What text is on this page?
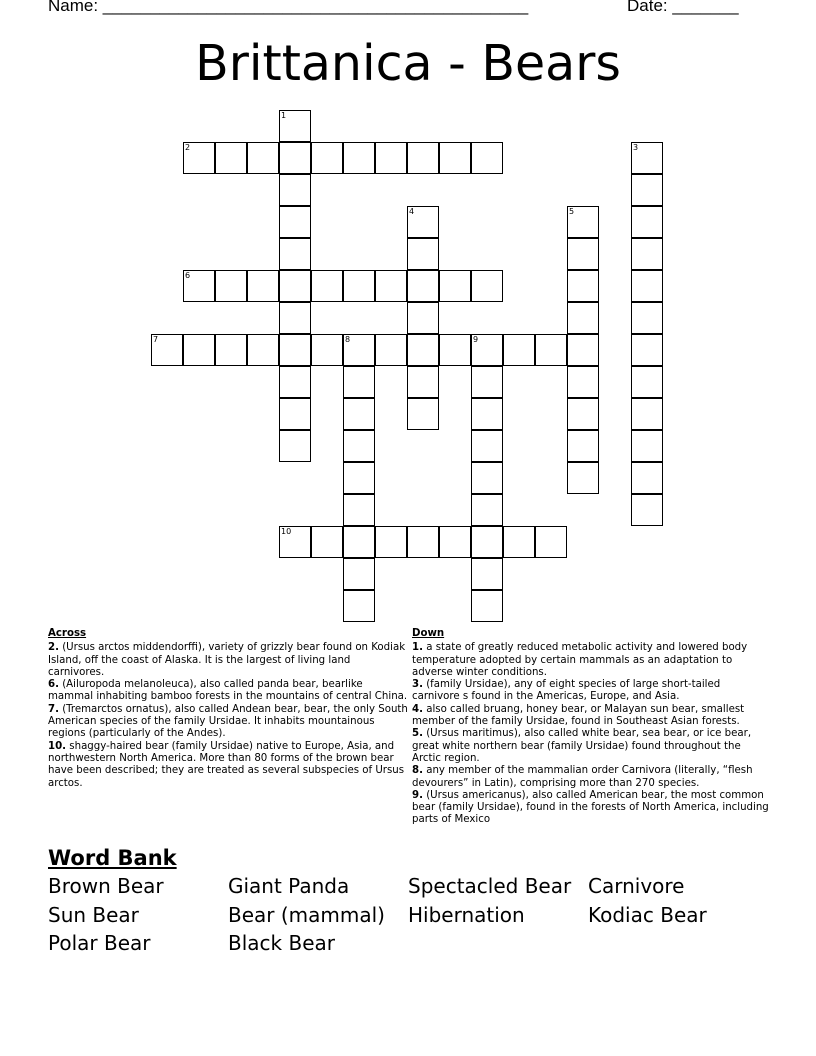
Name: _____________________________________________	Date: _______
Brittanica - Bears
1
2	3
4	5
6
7	8	9
10
Across
2. (Ursus arctos middendorffi), variety of grizzly bear found on Kodiak Island, off the coast of Alaska. It is the largest of living land carnivores.
6. (Ailuropoda melanoleuca), also called panda bear, bearlike mammal inhabiting bamboo forests in the mountains of central China.
7. (Tremarctos ornatus), also called Andean bear, bear, the only South American species of the family Ursidae. It inhabits mountainous regions (particularly of the Andes).
10. shaggy-haired bear (family Ursidae) native to Europe, Asia, and northwestern North America. More than 80 forms of the brown bear have been described; they are treated as several subspecies of Ursus arctos.
Down
1. a state of greatly reduced metabolic activity and lowered body temperature adopted by certain mammals as an adaptation to adverse winter conditions.
3. (family Ursidae), any of eight species of large short-tailed carnivore s found in the Americas, Europe, and Asia.
4. also called bruang, honey bear, or Malayan sun bear, smallest member of the family Ursidae, found in Southeast Asian forests.
5. (Ursus maritimus), also called white bear, sea bear, or ice bear, great white northern bear (family Ursidae) found throughout the Arctic region.
8. any member of the mammalian order Carnivora (literally, “flesh devourers” in Latin), comprising more than 270 species.
9. (Ursus americanus), also called American bear, the most common bear (family Ursidae), found in the forests of North America, including parts of Mexico
Word Bank
Brown Bear	Giant Panda	Spectacled Bear Carnivore
Sun Bear	Bear (mammal)	Hibernation	Kodiac Bear
Polar Bear	Black Bear
